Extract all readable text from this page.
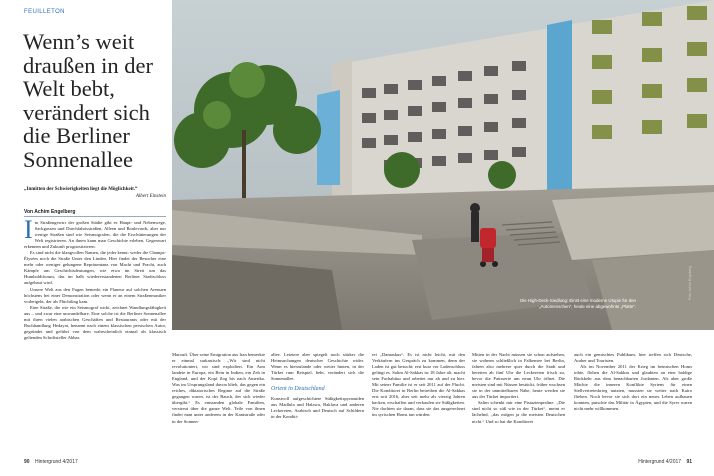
FEUILLETON
Wenn’s weit draußen in der Welt bebt, verändert sich die Berliner Sonnenallee
„Inmitten der Schwierigkeiten liegt die Möglichkeit.“
Albert Einstein
Von Achim Engelberg

Im Straßengewirr der großen Städte gibt es Haupt- und Nebenwege, Sackgassen und Durchfahrtsstraßen, Alleen und Boulevards, aber nur wenige Straßen sind wie Seismografen, die die Erschütterungen der Welt registrieren. An ihnen kann man Geschichte erleben, Gegenwart erkennen und Zukunft prognostizieren.

Es sind nicht die klangvollen Namen, die jeder kennt: weder die Champs-Élysées noch die Straße Unter den Linden. Hier findet der Besucher eine mehr oder weniger gelungene Repräsentanz von Macht und Pracht, auch Kämpfe um Geschichtsdeutungen, wie etwa im Streit um das Humboldtforum, das im halb wiedererstandenen Berliner Stadtschloss aufgebaut wird.

Unsere Welt aus den Fugen bemerkt ein Flaneur auf solchen Avenuen höchstens bei einer Demonstration oder wenn er an einem Straßenmusiker vorbeigeht, der als Flüchtling kam.

Eine Straße, die wie ein Seismograf wirkt, zeichnet Wandlungsfähigkeit aus – und zwar eine unwandelbare. Eine solche ist die Berliner Sonnenallee mit ihren vielen arabischen Geschäften und Restaurants oder mit der Buchhandlung Hedayat, benannt nach einem klassischen persischen Autor, gegründet und geführt von dem wahrscheinlich einmal als klassisch geltenden Schriftsteller Abbas

Die High-Deck-Siedlung: Einst eine moderne Utopie für den „Automenschen“, heute eine abgewohnte „Platte“.
Foto: Achim Engelberg

Maroufi. Über seine Emigration aus Iran bemerkte er einmal sarkastisch: „Wir sind nicht revolutioniert, wir sind explodiert. Ein Arm landete in Europa, ein Bein in Indien, ein Zeh in England, und der Kopf flog bis nach Amerika. Was im Ursprungsland davon blieb, das gegen ein reiches, diktatorisches Regime auf die Straße gegangen waren, ist der Bauch, der sich wieder übergibt.“ Es entstanden globale Familien, verstreut über die ganze Welt. Teile von ihnen findet man unter anderem in der Kantstraße oder in der Sonnen-

allee. Letztere aber spiegelt noch stärker die Heimsuchungen deutscher Geschichte wider. Wenn es hierzulande oder weiter hinten, in der Türkei rum Beispiel, bebt, verändert sich die Sonnenallee.

Orient in Deutschland

Kunstvoll aufgeschichtete Süßigkeitspyramiden aus Madlula und Halawa, Baklava und anderen Leckereien, Arabisch und Deutsch auf Schildern in der Konditi-

rei „Damaskus“. Es ist nicht leicht, mit den Verkäufern ins Gespräch zu kommen, denn der Laden ist gut besucht; erst kurz vor Ladenschluss gelingt es. Salim Al-Sakkas ist 18 Jahre alt, macht sein Fachabitur und arbeitet nur ab und zu hier. Mit seiner Familie ist er seit 2011 auf der Flucht. Die Konditorei in Berlin betreiben die Al-Sakkas erst seit 2016, aber seit mehr als vierzig Jahren backen, erschaffen und verkaufen sie Süßigkeiten. Nie dachten sie daran, dass sie das ausgerechnet im syrischen Homs tun würden.

Mitten in der Nacht müssen sie schon aufstehen, sie wohnen schließlich in Falkensee bei Berlin, fahren also mehrere quer durch die Stadt und bereiten ab fünf Uhr die Leckereien frisch zu, bevor die Patisserie um neun Uhr öffnet. Die meisten sind mit Nüssen bestückt, früher wuchsen sie in der unmittelbaren Nähe, heute werden sie aus der Türkei importiert.

Salim schenkt mir eine Pistazienpraline. „Die sind nicht so süß wie in der Türkei“, meint er lächelnd, „das mögen ja die meisten Deutschen nicht.“ Und so hat die Konditorei

auch ein gemischtes Publikum, hier treffen sich Deutsche, Araber und Touristen.

Als im November 2011 der Krieg im heimischen Homs tobte, flohen die Al-Sakkas und glaubten an eine baldige Rückkehr aus dem benachbarten Jordanien. Als aber große Mächte die inneren Konflikte Syriens für einen Stellvertreterkrieg nutzten, mussten sie weiter nach Kairo fliehen. Noch bevor sie sich dort ein neues Leben aufbauen konnten, putschte das Militär in Ägypten, und die Syrer waren nicht mehr willkommen.

90 Hintergrund 4/2017	Hintergrund 4/2017 91
